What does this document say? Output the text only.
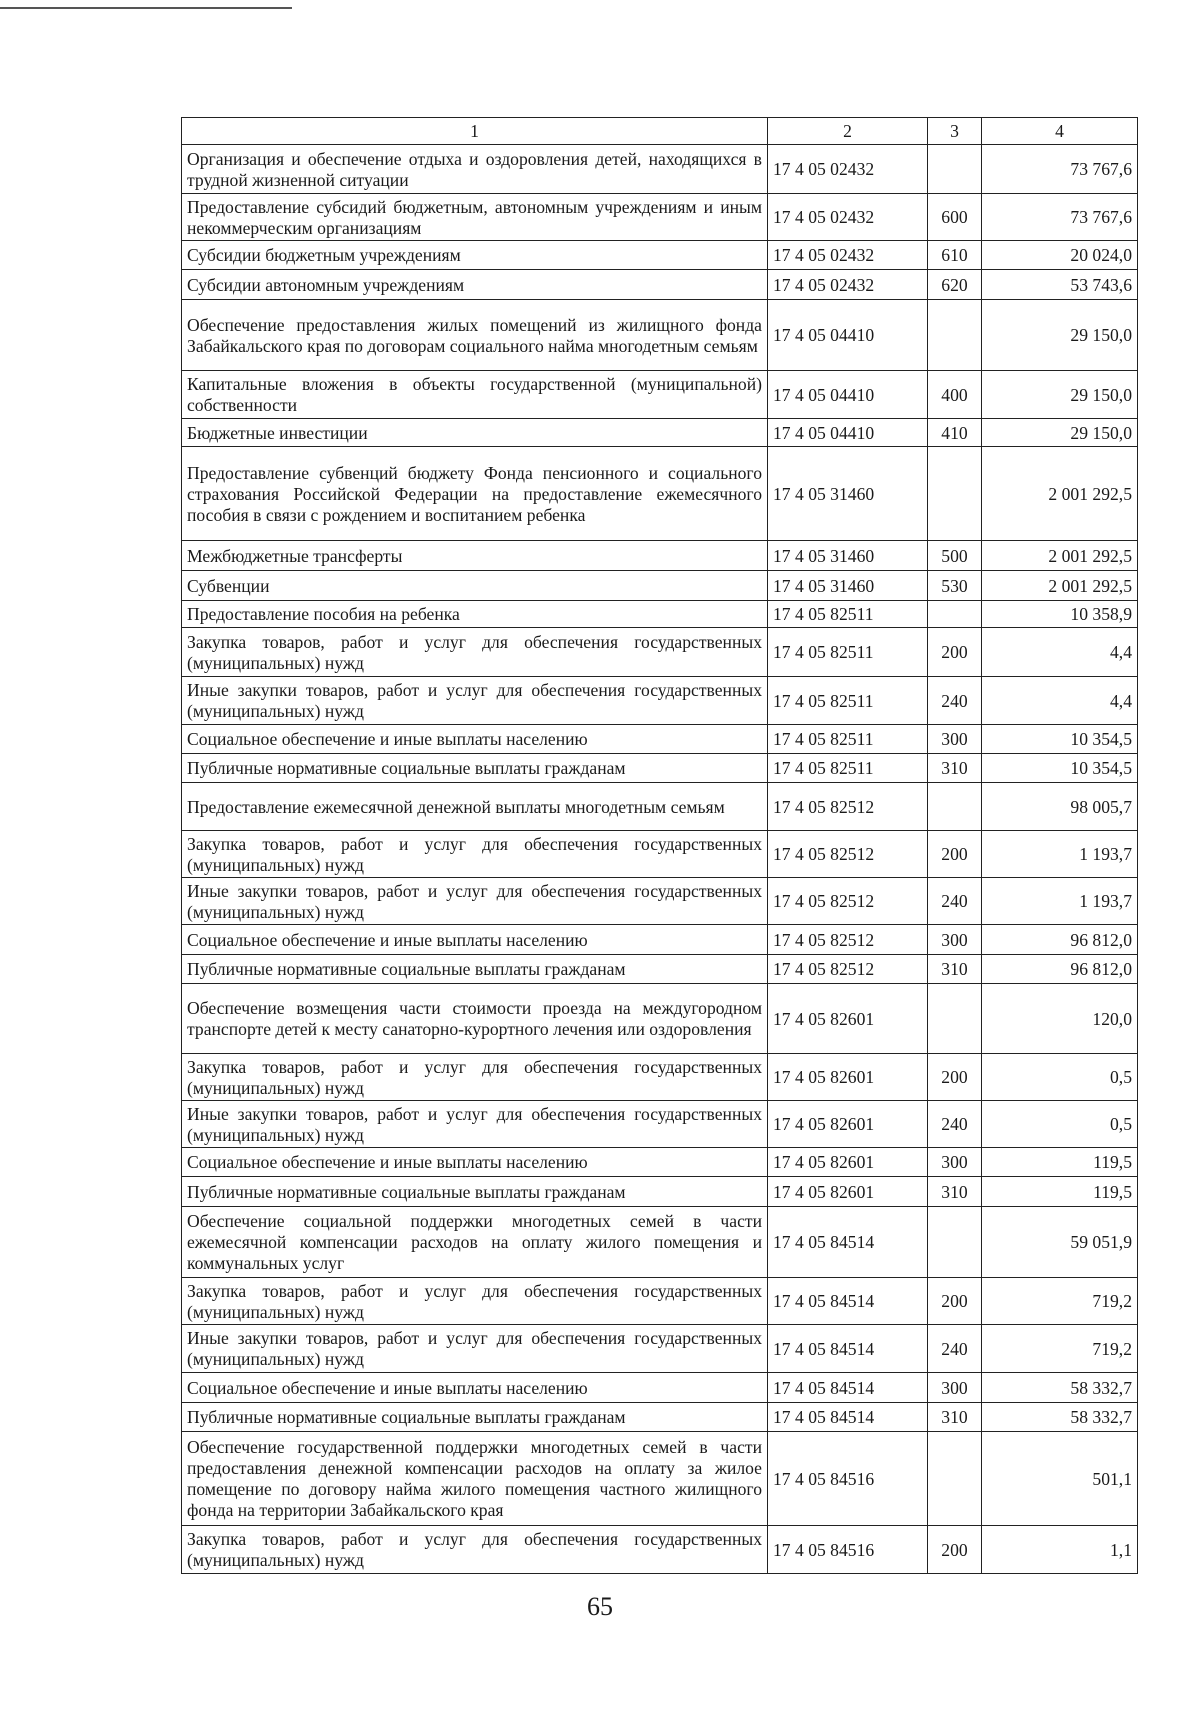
1	2	3	4
Организация и обеспечение отдыха и оздоровления детей, находящихся в трудной жизненной ситуации	17 4 05 02432		73 767,6
Предоставление субсидий бюджетным, автономным учреждениям и иным некоммерческим организациям	17 4 05 02432	600	73 767,6
Субсидии бюджетным учреждениям	17 4 05 02432	610	20 024,0
Субсидии автономным учреждениям	17 4 05 02432	620	53 743,6
Обеспечение предоставления жилых помещений из жилищного фонда Забайкальского края по договорам социального найма многодетным семьям	17 4 05 04410		29 150,0
Капитальные вложения в объекты государственной (муниципальной) собственности	17 4 05 04410	400	29 150,0
Бюджетные инвестиции	17 4 05 04410	410	29 150,0
Предоставление субвенций бюджету Фонда пенсионного и социального страхования Российской Федерации на предоставление ежемесячного пособия в связи с рождением и воспитанием ребенка	17 4 05 31460		2 001 292,5
Межбюджетные трансферты	17 4 05 31460	500	2 001 292,5
Субвенции	17 4 05 31460	530	2 001 292,5
Предоставление пособия на ребенка	17 4 05 82511		10 358,9
Закупка товаров, работ и услуг для обеспечения государственных (муниципальных) нужд	17 4 05 82511	200	4,4
Иные закупки товаров, работ и услуг для обеспечения государственных (муниципальных) нужд	17 4 05 82511	240	4,4
Социальное обеспечение и иные выплаты населению	17 4 05 82511	300	10 354,5
Публичные нормативные социальные выплаты гражданам	17 4 05 82511	310	10 354,5
Предоставление ежемесячной денежной выплаты многодетным семьям	17 4 05 82512		98 005,7
Закупка товаров, работ и услуг для обеспечения государственных (муниципальных) нужд	17 4 05 82512	200	1 193,7
Иные закупки товаров, работ и услуг для обеспечения государственных (муниципальных) нужд	17 4 05 82512	240	1 193,7
Социальное обеспечение и иные выплаты населению	17 4 05 82512	300	96 812,0
Публичные нормативные социальные выплаты гражданам	17 4 05 82512	310	96 812,0
Обеспечение возмещения части стоимости проезда на междугородном транспорте детей к месту санаторно-курортного лечения или оздоровления	17 4 05 82601		120,0
Закупка товаров, работ и услуг для обеспечения государственных (муниципальных) нужд	17 4 05 82601	200	0,5
Иные закупки товаров, работ и услуг для обеспечения государственных (муниципальных) нужд	17 4 05 82601	240	0,5
Социальное обеспечение и иные выплаты населению	17 4 05 82601	300	119,5
Публичные нормативные социальные выплаты гражданам	17 4 05 82601	310	119,5
Обеспечение социальной поддержки многодетных семей в части ежемесячной компенсации расходов на оплату жилого помещения и коммунальных услуг	17 4 05 84514		59 051,9
Закупка товаров, работ и услуг для обеспечения государственных (муниципальных) нужд	17 4 05 84514	200	719,2
Иные закупки товаров, работ и услуг для обеспечения государственных (муниципальных) нужд	17 4 05 84514	240	719,2
Социальное обеспечение и иные выплаты населению	17 4 05 84514	300	58 332,7
Публичные нормативные социальные выплаты гражданам	17 4 05 84514	310	58 332,7
Обеспечение государственной поддержки многодетных семей в части предоставления денежной компенсации расходов на оплату за жилое помещение по договору найма жилого помещения частного жилищного фонда на территории Забайкальского края	17 4 05 84516		501,1
Закупка товаров, работ и услуг для обеспечения государственных (муниципальных) нужд	17 4 05 84516	200	1,1
65
